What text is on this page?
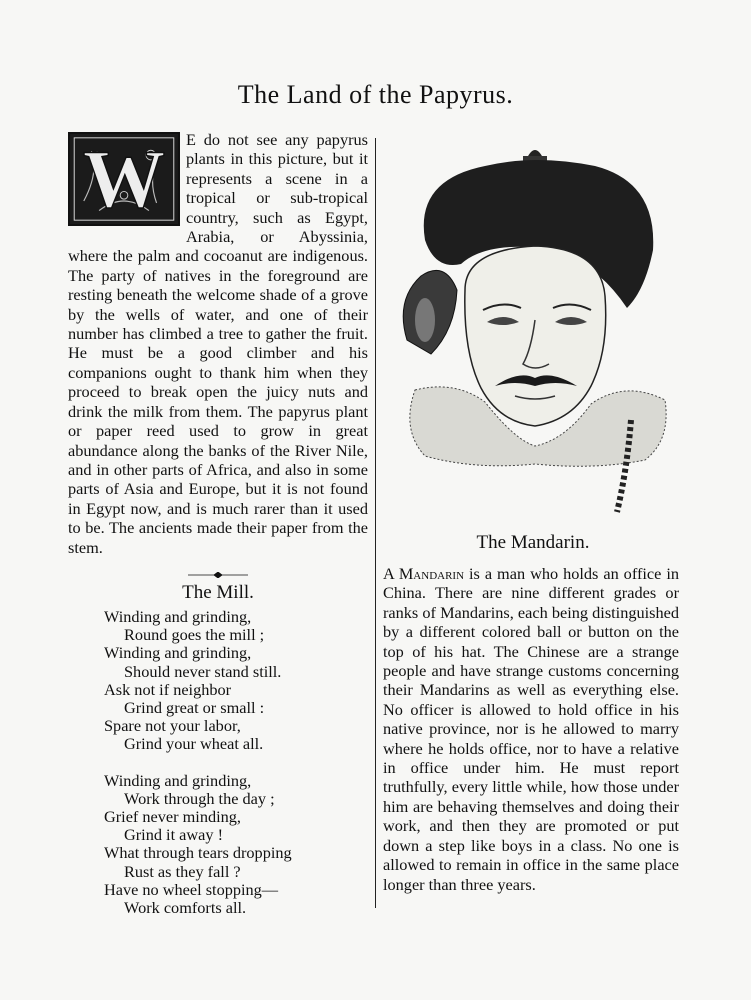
The Land of the Papyrus.
W	E do not see any papyrus plants in this picture, but it represents a scene in a tropical or sub-tropical country, such as Egypt, Arabia, or Abyssinia, where the palm and cocoanut are indigenous. The party of natives in the foreground are resting beneath the welcome shade of a grove by the wells of water, and one of their number has climbed a tree to gather the fruit. He must be a good climber and his companions ought to thank him when they proceed to break open the juicy nuts and drink the milk from them. The papyrus plant or paper reed used to grow in great abundance along the banks of the River Nile, and in other parts of Africa, and also in some parts of Asia and Europe, but it is not found in Egypt now, and is much rarer than it used to be. The ancients made their paper from the stem.

The Mill.
Winding and grinding,
Round goes the mill ;
Winding and grinding,
Should never stand still.
Ask not if neighbor
Grind great or small :
Spare not your labor,
Grind your wheat all.
Winding and grinding,
Work through the day ;
Grief never minding,
Grind it away !
What through tears dropping
Rust as they fall ?
Have no wheel stopping—
Work comforts all.
The Mandarin.

A Mandarin is a man who holds an office in China. There are nine different grades or ranks of Mandarins, each being distinguished by a different colored ball or button on the top of his hat. The Chinese are a strange people and have strange customs concerning their Mandarins as well as everything else. No officer is allowed to hold office in his native province, nor is he allowed to marry where he holds office, nor to have a relative in office under him. He must report truthfully, every little while, how those under him are behaving themselves and doing their work, and then they are promoted or put down a step like boys in a class. No one is allowed to remain in office in the same place longer than three years.
